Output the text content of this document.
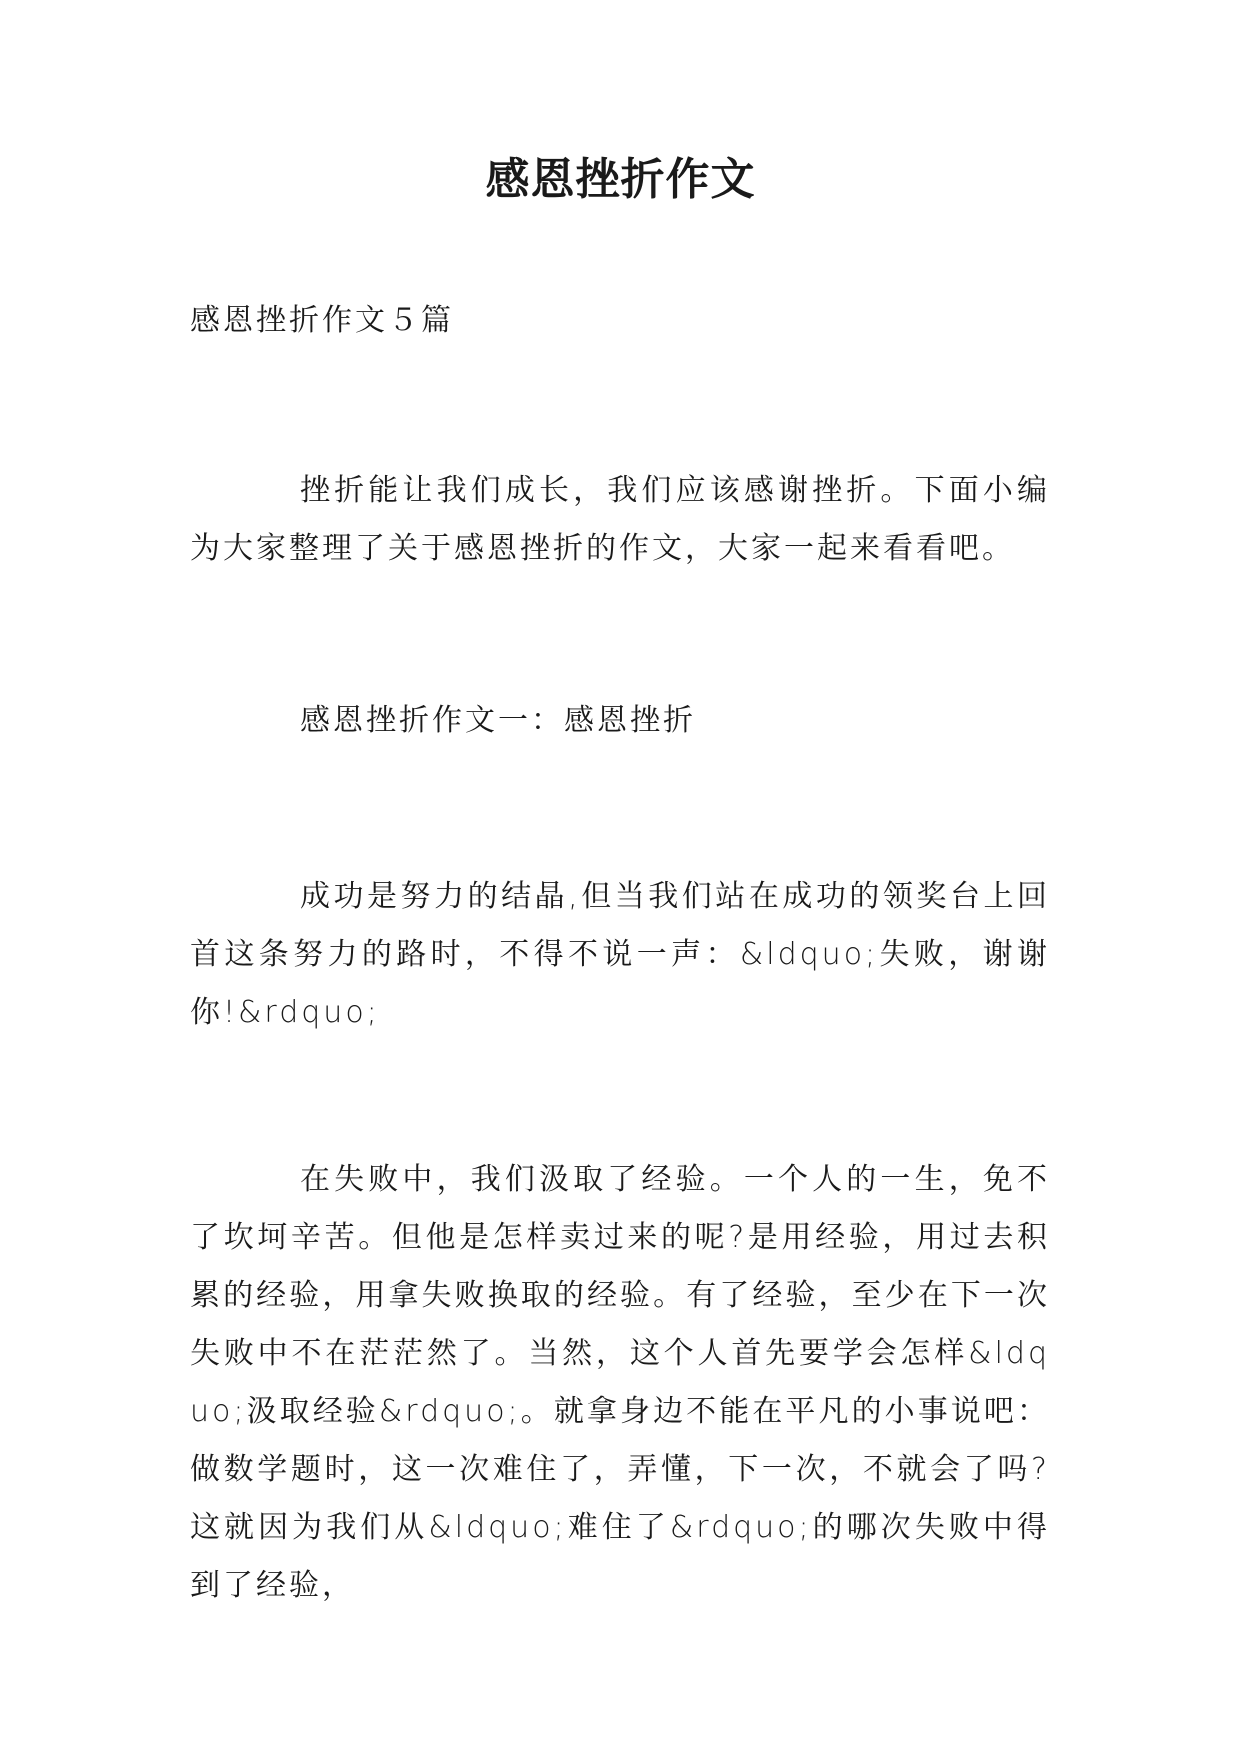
感恩挫折作文
感恩挫折作文５篇
挫折能让我们成长，我们应该感谢挫折。下面小编为大家整理了关于感恩挫折的作文，大家一起来看看吧。
感恩挫折作文一：感恩挫折
成功是努力的结晶,但当我们站在成功的领奖台上回首这条努力的路时，不得不说一声：&ldquo;失败，谢谢你!&rdquo;
在失败中，我们汲取了经验。一个人的一生，免不了坎坷辛苦。但他是怎样卖过来的呢?是用经验，用过去积累的经验，用拿失败换取的经验。有了经验，至少在下一次失败中不在茫茫然了。当然，这个人首先要学会怎样&ldquo;汲取经验&rdquo;。就拿身边不能在平凡的小事说吧：做数学题时，这一次难住了，弄懂，下一次，不就会了吗?这就因为我们从&ldquo;难住了&rdquo;的哪次失败中得到了经验，
